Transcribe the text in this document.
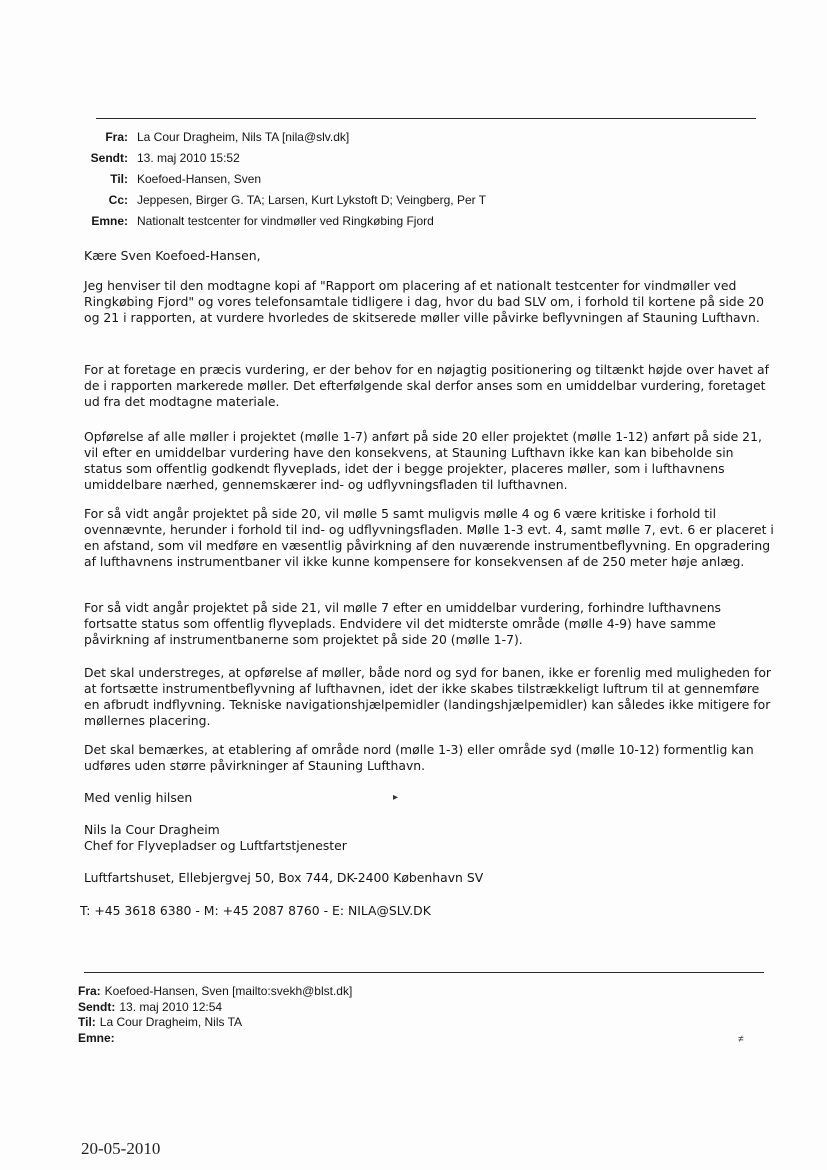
Fra: La Cour Dragheim, Nils TA [nila@slv.dk]
Sendt: 13. maj 2010 15:52
Til: Koefoed-Hansen, Sven
Cc: Jeppesen, Birger G. TA; Larsen, Kurt Lykstoft D; Veingberg, Per T
Emne: Nationalt testcenter for vindmøller ved Ringkøbing Fjord

Kære Sven Koefoed-Hansen,

Jeg henviser til den modtagne kopi af "Rapport om placering af et nationalt testcenter for vindmøller ved Ringkøbing Fjord" og vores telefonsamtale tidligere i dag, hvor du bad SLV om, i forhold til kortene på side 20 og 21 i rapporten, at vurdere hvorledes de skitserede møller ville påvirke beflyvningen af Stauning Lufthavn.

For at foretage en præcis vurdering, er der behov for en nøjagtig positionering og tiltænkt højde over havet af de i rapporten markerede møller. Det efterfølgende skal derfor anses som en umiddelbar vurdering, foretaget ud fra det modtagne materiale.

Opførelse af alle møller i projektet (mølle 1-7) anført på side 20 eller projektet (mølle 1-12) anført på side 21, vil efter en umiddelbar vurdering have den konsekvens, at Stauning Lufthavn ikke kan kan bibeholde sin status som offentlig godkendt flyveplads, idet der i begge projekter, placeres møller, som i lufthavnens umiddelbare nærhed, gennemskærer ind- og udflyvningsfladen til lufthavnen.

For så vidt angår projektet på side 20, vil mølle 5 samt muligvis mølle 4 og 6 være kritiske i forhold til ovennævnte, herunder i forhold til ind- og udflyvningsfladen. Mølle 1-3 evt. 4, samt mølle 7, evt. 6 er placeret i en afstand, som vil medføre en væsentlig påvirkning af den nuværende instrumentbeflyvning. En opgradering af lufthavnens instrumentbaner vil ikke kunne kompensere for konsekvensen af de 250 meter høje anlæg.

For så vidt angår projektet på side 21, vil mølle 7 efter en umiddelbar vurdering, forhindre lufthavnens fortsatte status som offentlig flyveplads. Endvidere vil det midterste område (mølle 4-9) have samme påvirkning af instrumentbanerne som projektet på side 20 (mølle 1-7).

Det skal understreges, at opførelse af møller, både nord og syd for banen, ikke er forenlig med muligheden for at fortsætte instrumentbeflyvning af lufthavnen, idet der ikke skabes tilstrækkeligt luftrum til at gennemføre en afbrudt indflyvning. Tekniske navigationshjælpemidler (landingshjælpemidler) kan således ikke mitigere for møllernes placering.

Det skal bemærkes, at etablering af område nord (mølle 1-3) eller område syd (mølle 10-12) formentlig kan udføres uden større påvirkninger af Stauning Lufthavn.

Med venlig hilsen

Nils la Cour Dragheim

Chef for Flyvepladser og Luftfartstjenester

Luftfartshuset, Ellebjergvej 50, Box 744, DK-2400 København SV

T: +45 3618 6380 - M: +45 2087 8760 - E: NILA@SLV.DK

Fra: Koefoed-Hansen, Sven [mailto:svekh@blst.dk]
Sendt: 13. maj 2010 12:54
Til: La Cour Dragheim, Nils TA
Emne:
▸
≠
20-05-2010
